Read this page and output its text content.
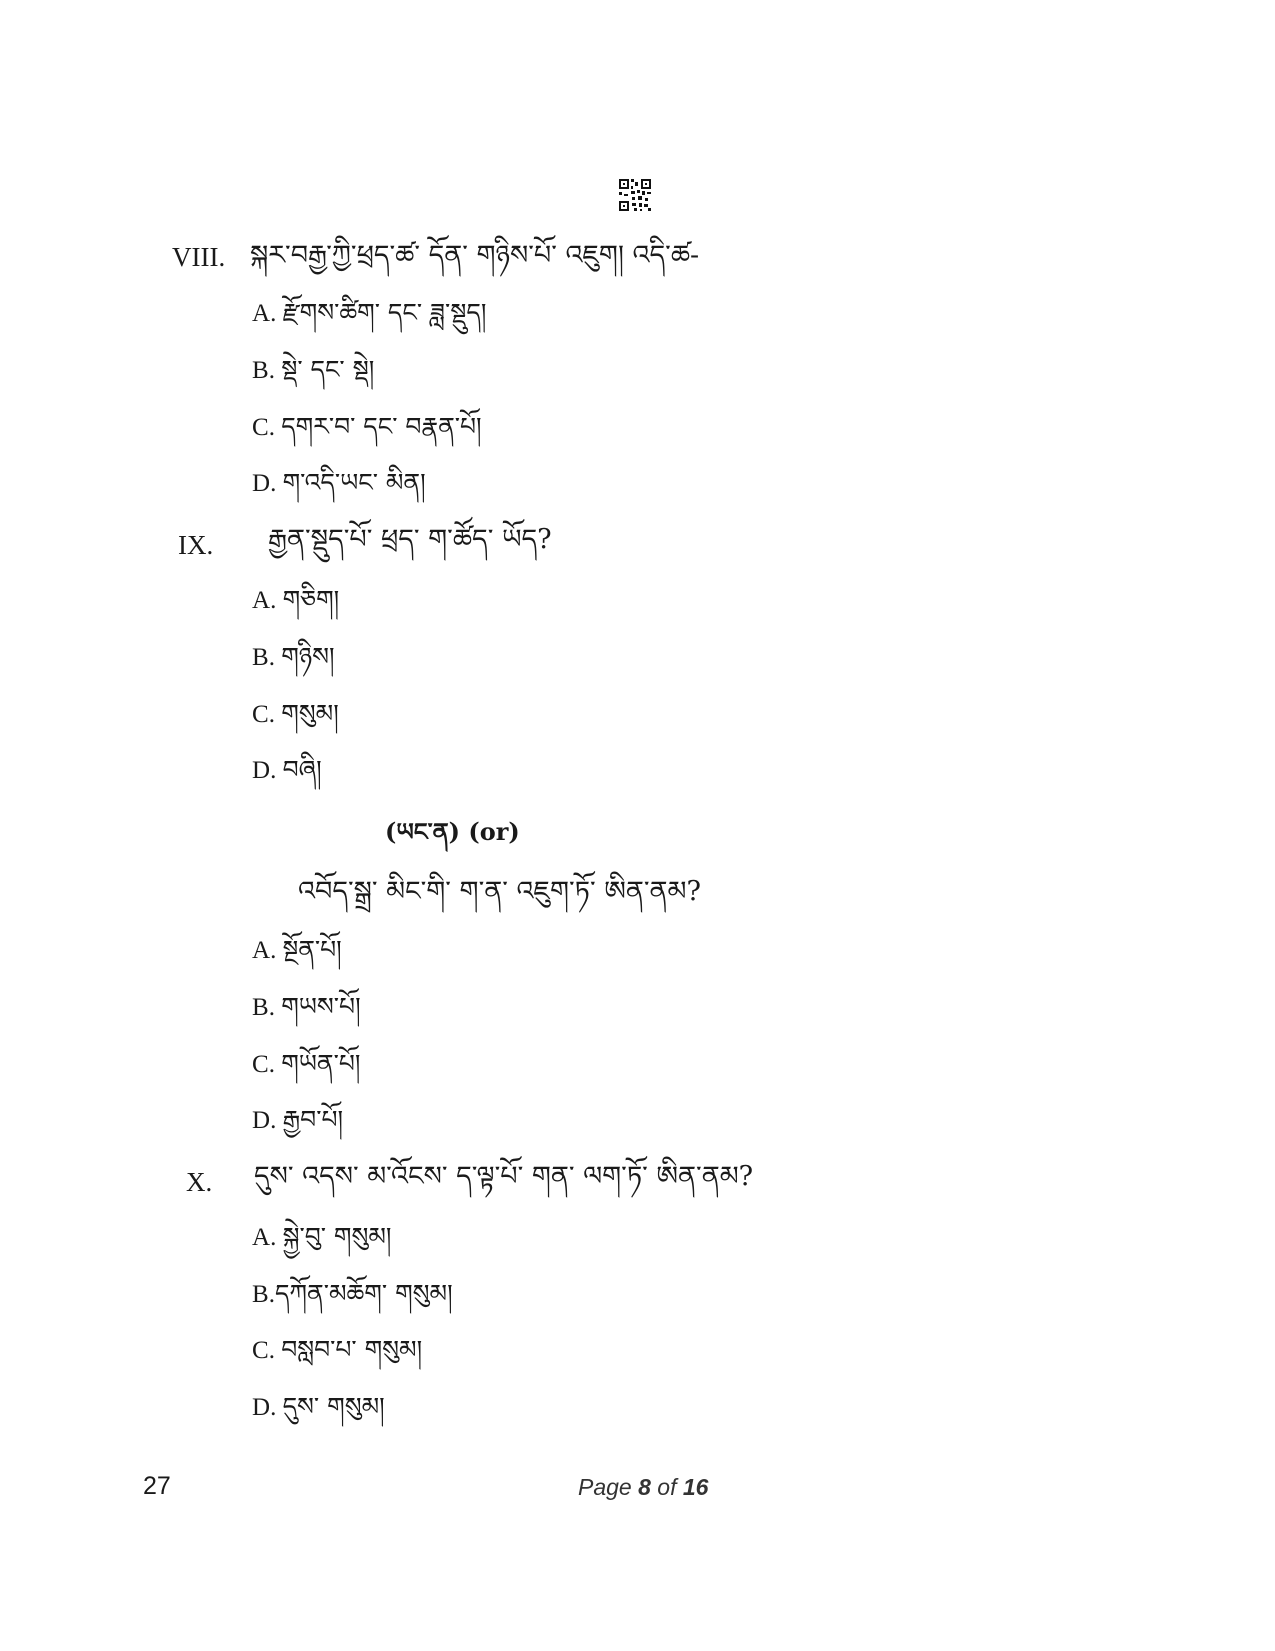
VIII. སྐར་བརྒྱ་ཀྱི་ཕྲད་ཚ་ དོན་ གཉིས་པོ་ འཇུག། འདི་ཚ-
A. རྫོགས་ཚིག་ དང་ ཟླ་སྡུད།
B. སྡེ་ དང་ སྡེ།
C. དགར་བ་ དང་ བརྣན་པོ།
D. ག་འདི་ཡང་ མིན།
IX. རྒྱན་སྡུད་པོ་ ཕྲད་ ག་ཚོད་ ཡོད?
A. གཅིག།
B. གཉིས།
C. གསུམ།
D. བཞི།
(ཡང་ན) (or)
འབོད་སྒྲ་ མིང་གི་ ག་ན་ འཇུག་ཏོ་ ཨིན་ནམ?
A. སྔོན་པོ།
B. གཡས་པོ།
C. གཡོན་པོ།
D. རྒྱབ་པོ།
X. དུས་ འདས་ མ་འོངས་ ད་ལྟ་པོ་ གན་ ལག་ཏོ་ ཨིན་ནམ?
A. སྐྱེ་བུ་ གསུམ།
B.དཀོན་མཆོག་ གསུམ།
C. བསླབ་པ་ གསུམ།
D. དུས་ གསུམ།
27	Page 8 of 16
